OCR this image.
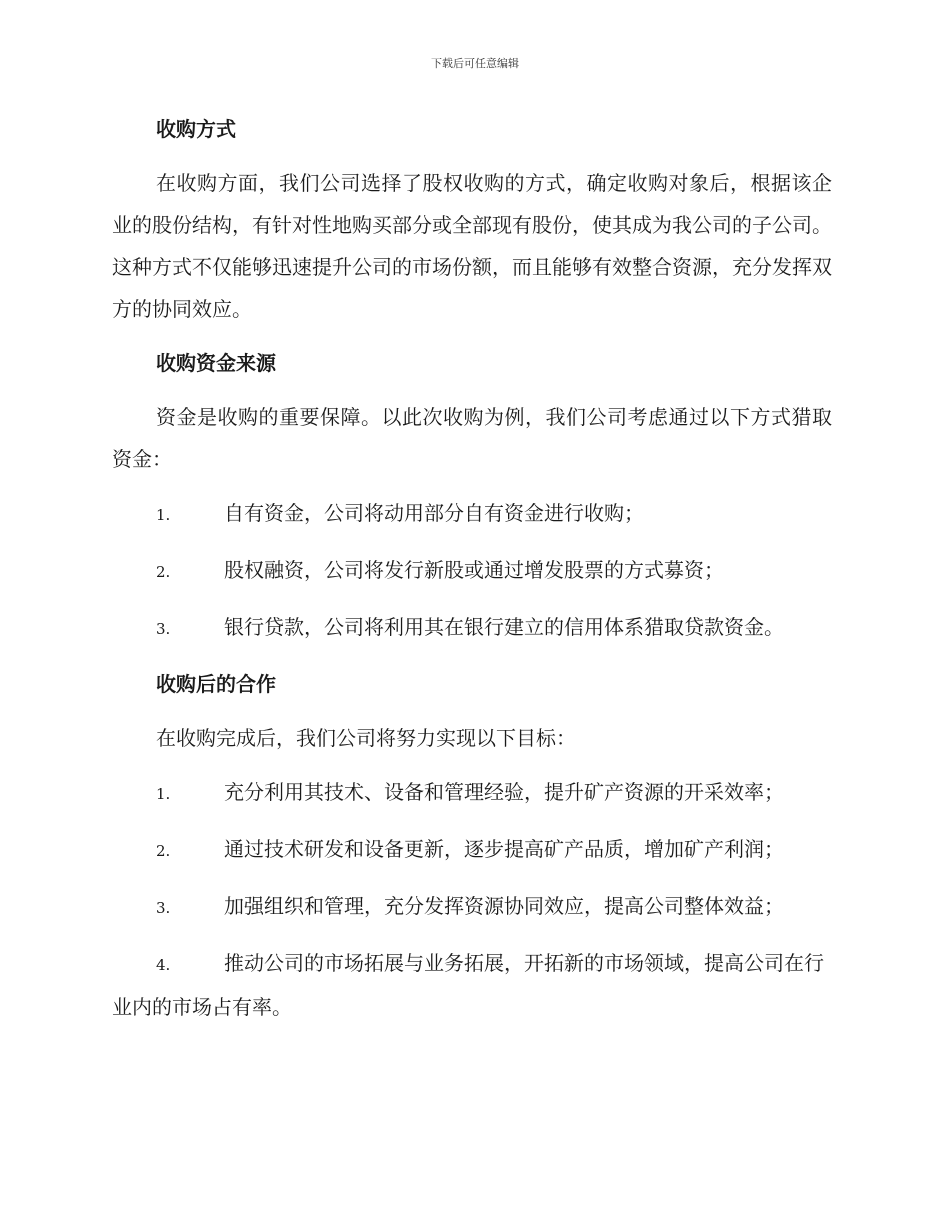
下载后可任意编辑
收购方式

在收购方面，我们公司选择了股权收购的方式，确定收购对象后，根据该企业的股份结构，有针对性地购买部分或全部现有股份，使其成为我公司的子公司。这种方式不仅能够迅速提升公司的市场份额，而且能够有效整合资源，充分发挥双方的协同效应。

收购资金来源

资金是收购的重要保障。以此次收购为例，我们公司考虑通过以下方式猎取资金：

1.	自有资金，公司将动用部分自有资金进行收购；
2.	股权融资，公司将发行新股或通过增发股票的方式募资；
3.	银行贷款，公司将利用其在银行建立的信用体系猎取贷款资金。
收购后的合作

在收购完成后，我们公司将努力实现以下目标：

1.	充分利用其技术、设备和管理经验，提升矿产资源的开采效率；
2.	通过技术研发和设备更新，逐步提高矿产品质，增加矿产利润；
3.	加强组织和管理，充分发挥资源协同效应，提高公司整体效益；
4.	推动公司的市场拓展与业务拓展，开拓新的市场领域，提高公司在行业内的市场占有率。
